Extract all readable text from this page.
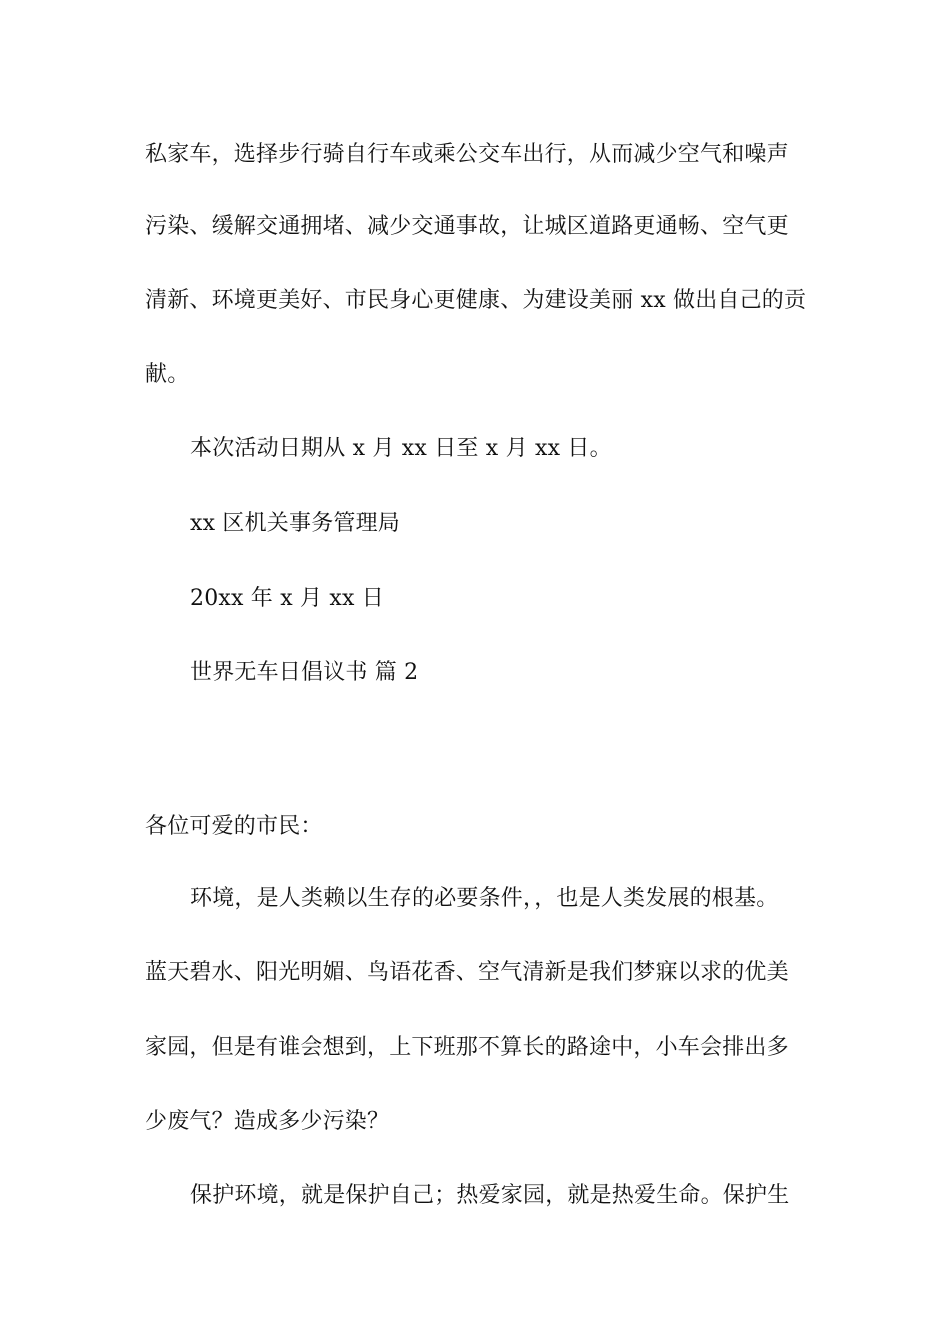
私家车，选择步行骑自行车或乘公交车出行，从而减少空气和噪声
污染、缓解交通拥堵、减少交通事故，让城区道路更通畅、空气更
清新、环境更美好、市民身心更健康、为建设美丽 xx 做出自己的贡
献。
本次活动日期从 x 月 xx 日至 x 月 xx 日。
xx 区机关事务管理局
20xx 年 x 月 xx 日
世界无车日倡议书 篇 2
各位可爱的市民：
环境，是人类赖以生存的必要条件，，也是人类发展的根基。
蓝天碧水、阳光明媚、鸟语花香、空气清新是我们梦寐以求的优美
家园，但是有谁会想到，上下班那不算长的路途中，小车会排出多
少废气？造成多少污染？
保护环境，就是保护自己；热爱家园，就是热爱生命。保护生
